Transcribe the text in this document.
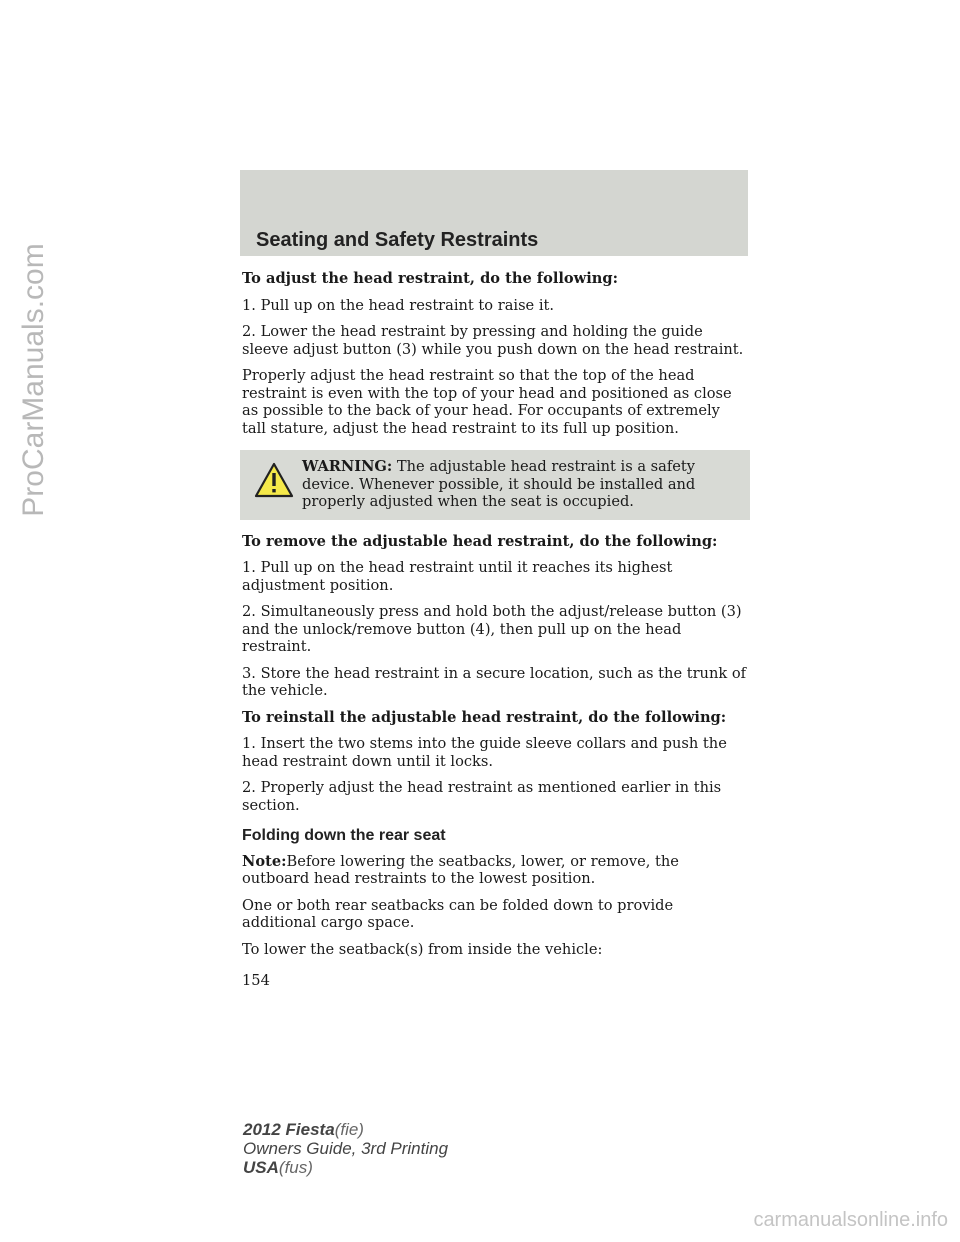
ProCarManuals.com
Seating and Safety Restraints

To adjust the head restraint, do the following:

1. Pull up on the head restraint to raise it.

2. Lower the head restraint by pressing and holding the guide sleeve adjust button (3) while you push down on the head restraint.

Properly adjust the head restraint so that the top of the head restraint is even with the top of your head and positioned as close as possible to the back of your head. For occupants of extremely tall stature, adjust the head restraint to its full up position.

WARNING: The adjustable head restraint is a safety device. Whenever possible, it should be installed and properly adjusted when the seat is occupied.

To remove the adjustable head restraint, do the following:

1. Pull up on the head restraint until it reaches its highest adjustment position.

2. Simultaneously press and hold both the adjust/release button (3) and the unlock/remove button (4), then pull up on the head restraint.

3. Store the head restraint in a secure location, such as the trunk of the vehicle.

To reinstall the adjustable head restraint, do the following:

1. Insert the two stems into the guide sleeve collars and push the head restraint down until it locks.

2. Properly adjust the head restraint as mentioned earlier in this section.

Folding down the rear seat

Note:Before lowering the seatbacks, lower, or remove, the outboard head restraints to the lowest position.

One or both rear seatbacks can be folded down to provide additional cargo space.

To lower the seatback(s) from inside the vehicle:

154
2012 Fiesta(fie)
Owners Guide, 3rd Printing
USA(fus)
carmanualsonline.info
